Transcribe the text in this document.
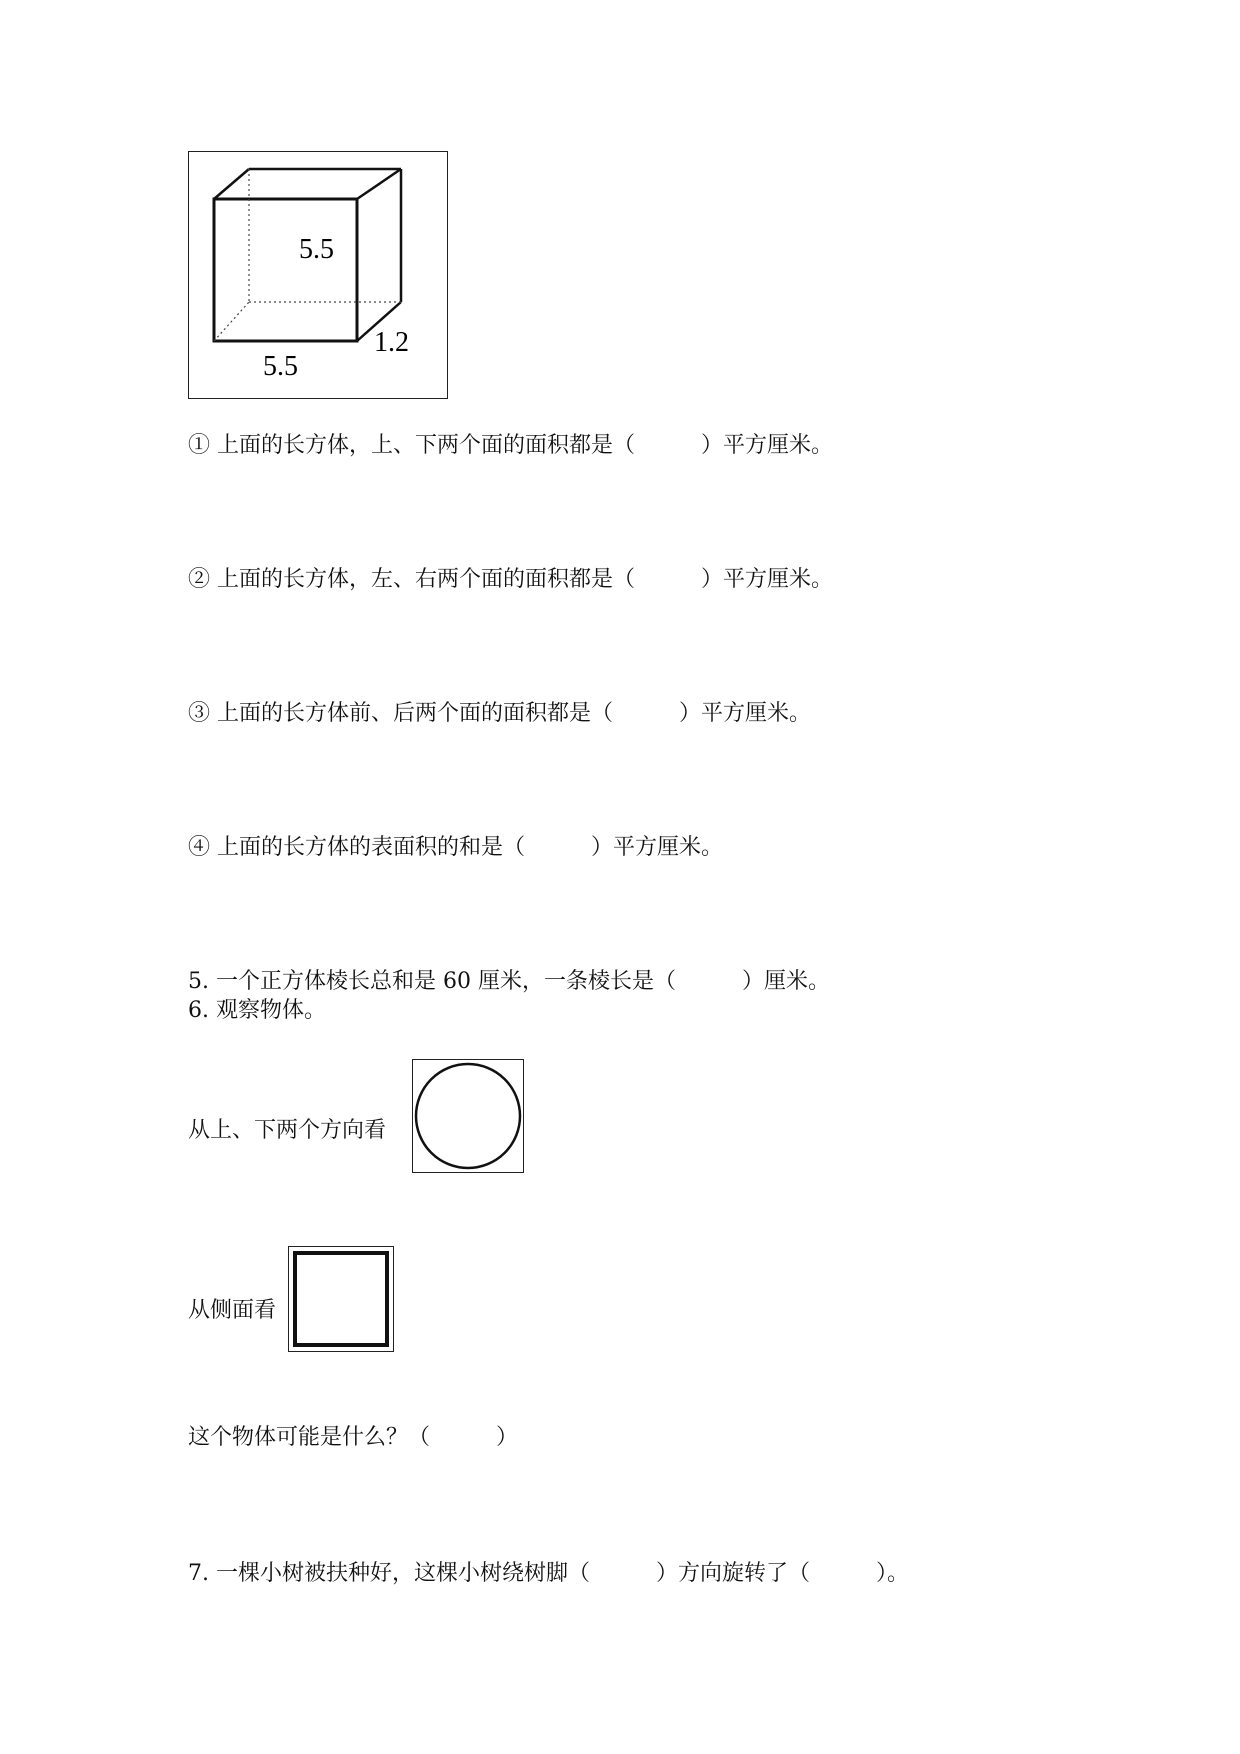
5.5
5.5
1.2
① 上面的长方体，上、下两个面的面积都是（　　　）平方厘米。
② 上面的长方体，左、右两个面的面积都是（　　　）平方厘米。
③ 上面的长方体前、后两个面的面积都是（　　　）平方厘米。
④ 上面的长方体的表面积的和是（　　　）平方厘米。
5. 一个正方体棱长总和是 60 厘米，一条棱长是（　　　）厘米。
6. 观察物体。
从上、下两个方向看
从侧面看
这个物体可能是什么？（　　　）
7. 一棵小树被扶种好，这棵小树绕树脚（　　　）方向旋转了（　　　）。
